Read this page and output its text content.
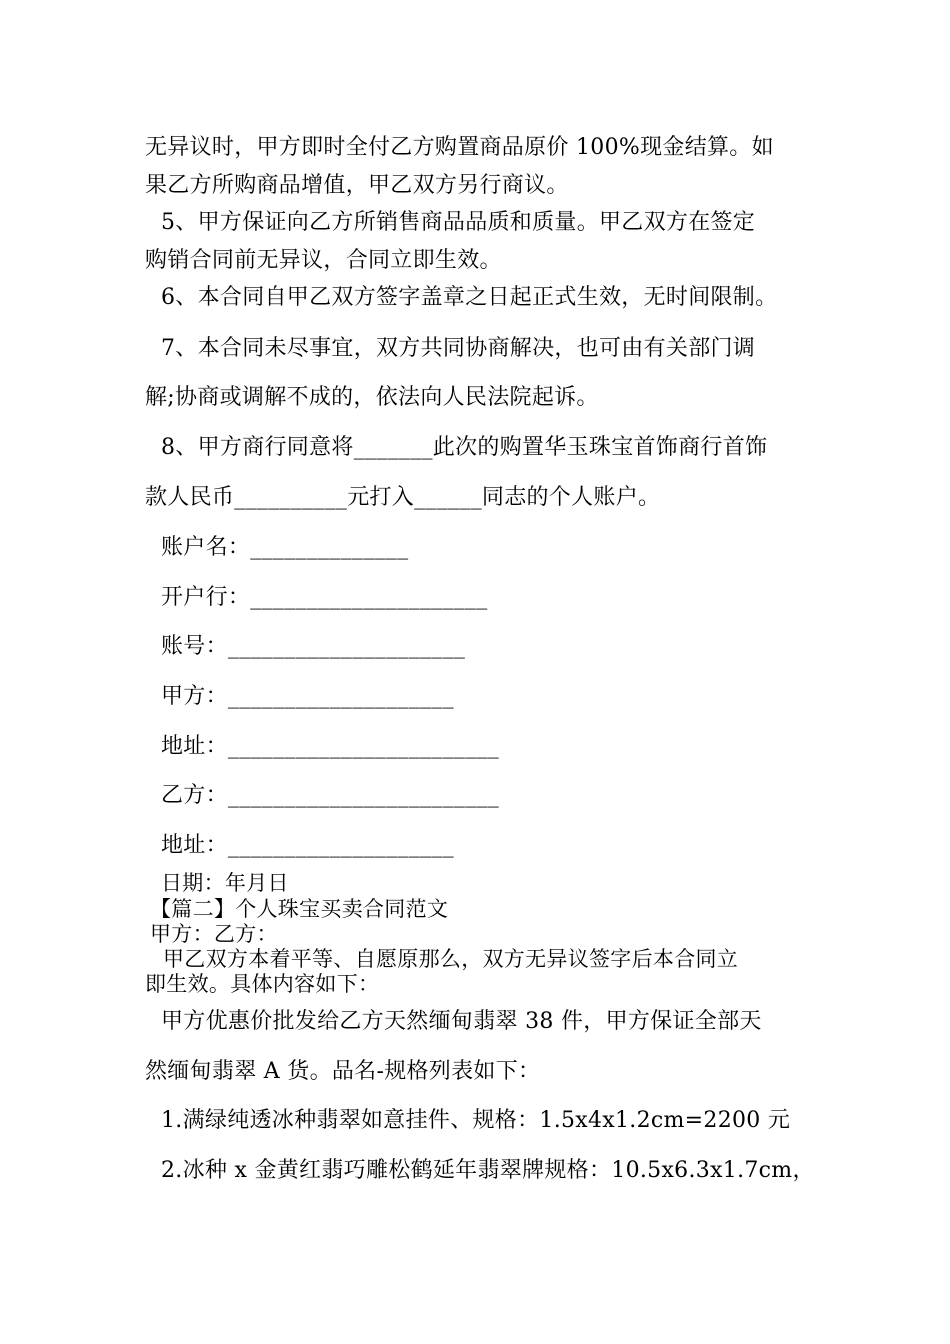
无异议时，甲方即时全付乙方购置商品原价 100%现金结算。如
果乙方所购商品增值，甲乙双方另行商议。
5、甲方保证向乙方所销售商品品质和质量。甲乙双方在签定
购销合同前无异议，合同立即生效。
6、本合同自甲乙双方签字盖章之日起正式生效，无时间限制。
7、本合同未尽事宜，双方共同协商解决，也可由有关部门调
解;协商或调解不成的，依法向人民法院起诉。
8、甲方商行同意将_______此次的购置华玉珠宝首饰商行首饰
款人民币__________元打入______同志的个人账户。
账户名：______________
开户行：_____________________
账号：_____________________
甲方：____________________
地址：________________________
乙方：________________________
地址：____________________
日期：年月日
【篇二】个人珠宝买卖合同范文
甲方：乙方：
甲乙双方本着平等、自愿原那么，双方无异议签字后本合同立
即生效。具体内容如下：
甲方优惠价批发给乙方天然缅甸翡翠 38 件，甲方保证全部天
然缅甸翡翠 A 货。品名-规格列表如下：
1.满绿纯透冰种翡翠如意挂件、规格：1.5x4x1.2cm=2200 元
2.冰种 x 金黄红翡巧雕松鹤延年翡翠牌规格：10.5x6.3x1.7cm，
